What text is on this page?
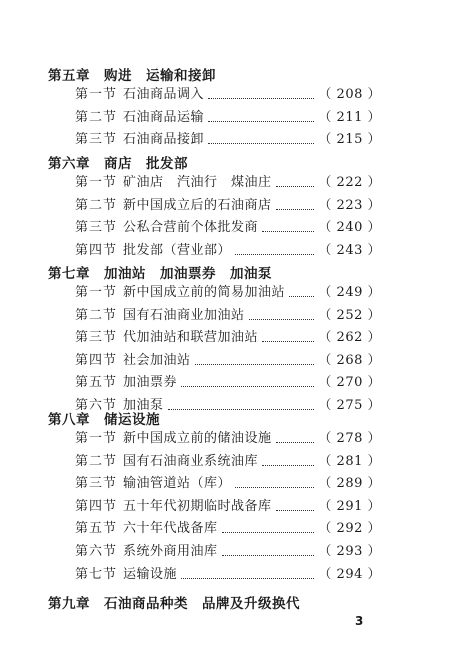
第五章　购进　运输和接卸
第一节 石油商品调入	（ 208 ）
第二节 石油商品运输	（ 211 ）
第三节 石油商品接卸	（ 215 ）
第六章　商店　批发部
第一节 矿油店　汽油行　煤油庄	（ 222 ）
第二节 新中国成立后的石油商店	（ 223 ）
第三节 公私合营前个体批发商	（ 240 ）
第四节 批发部（营业部）	（ 243 ）
第七章　加油站　加油票券　加油泵
第一节 新中国成立前的简易加油站	（ 249 ）
第二节 国有石油商业加油站	（ 252 ）
第三节 代加油站和联营加油站	（ 262 ）
第四节 社会加油站	（ 268 ）
第五节 加油票券	（ 270 ）
第六节 加油泵	（ 275 ）
第八章　储运设施
第一节 新中国成立前的储油设施	（ 278 ）
第二节 国有石油商业系统油库	（ 281 ）
第三节 输油管道站（库）	（ 289 ）
第四节 五十年代初期临时战备库	（ 291 ）
第五节 六十年代战备库	（ 292 ）
第六节 系统外商用油库	（ 293 ）
第七节 运输设施	（ 294 ）
第九章　石油商品种类　品牌及升级换代
3
